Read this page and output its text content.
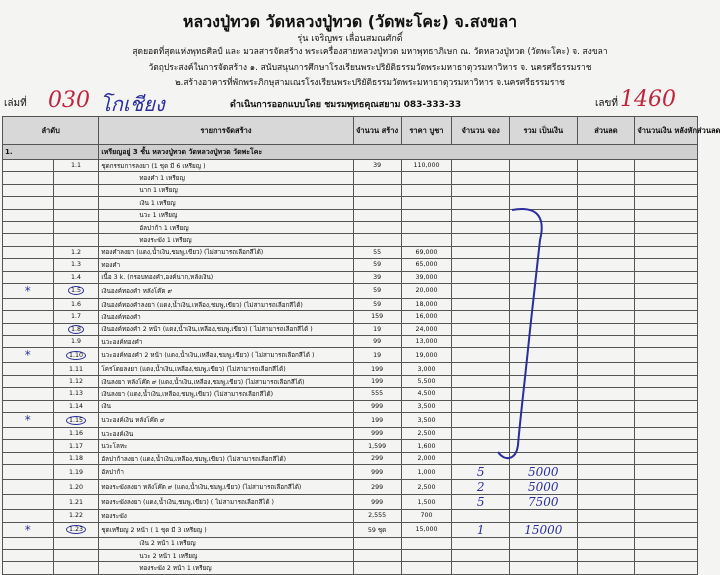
หลวงปู่ทวด วัดหลวงปู่ทวด (วัดพะโคะ) จ.สงขลา
รุ่น เจริญพร เลื่อนสมณศักดิ์
สุดยอดที่สุดแห่งพุทธศิลป์ และ มวลสารจัดสร้าง พระเครื่องสายหลวงปู่ทวด มหาพุทธาภิเษก ณ. วัดหลวงปู่ทวด (วัดพะโคะ) จ. สงขลา
วัตถุประสงค์ในการจัดสร้าง ๑. สนับสนุนการศึกษาโรงเรียนพระปริยัติธรรมวัดพระมหาธาตุวรมหาวิหาร จ. นครศรีธรรมราช
๒.สร้างอาคารที่พักพระภิกษุสามเณรโรงเรียนพระปริยัติธรรมวัดพระมหาธาตุวรมหาวิหาร จ.นครศรีธรรมราช
เล่มที่ 030 โกเชียง	ดำเนินการออกแบบโดย ชมรมพุทธคุณสยาม 083-333-33	เลขที่ 1460
ลำดับ		รายการจัดสร้าง	จำนวน สร้าง	ราคา บูชา	จำนวน จอง	รวม เป็นเงิน	ส่วนลด	จำนวนเงิน หลังหักส่วนลด
1.		เหรียญอยู่ 3 ชั้น หลวงปู่ทวด วัดหลวงปู่ทวด วัดพะโคะ						
	1.1	ชุดกรรมการลงยา (1 ชุด มี 6 เหรียญ )	39	110,000				
		ทองคำ 1 เหรียญ						
		นาก 1 เหรียญ						
		เงิน 1 เหรียญ						
		นวะ 1 เหรียญ						
		อัลปาก้า 1 เหรียญ						
		ทองระฆัง 1 เหรียญ						
	1.2	ทองคำลงยา (แดง,น้ำเงิน,ชมพู,เขียว) (ไม่สามารถเลือกสีได้)	55	69,000				
	1.3	ทองคำ	59	65,000				
	1.4	เนื้อ 3 k. (กรอบทองคำ,องค์นาก,หลังเงิน)	39	39,000				
*	1.5	เงินองค์ทองคำ หลังโค๊ต ๙	59	20,000				
	1.6	เงินองค์ทองคำลงยา (แดง,น้ำเงิน,เหลือง,ชมพู,เขียว) (ไม่สามารถเลือกสีได้)	59	18,000				
	1.7	เงินองค์ทองคำ	159	16,000				
	1.8	เงินองค์ทองคำ 2 หน้า (แดง,น้ำเงิน,เหลือง,ชมพู,เขียว) ( ไม่สามารถเลือกสีได้ )	19	24,000				
	1.9	นวะองค์ทองคำ	99	13,000				
*	1.10	นวะองค์ทองคำ 2 หน้า (แดง,น้ำเงิน,เหลือง,ชมพู,เขียว) ( ไม่สามารถเลือกสีได้ )	19	19,000				
	1.11	โครโดยลงยา (แดง,น้ำเงิน,เหลือง,ชมพู,เขียว) (ไม่สามารถเลือกสีได้)	199	3,000				
	1.12	เงินลงยา หลังโค๊ต ๙ (แดง,น้ำเงิน,เหลือง,ชมพู,เขียว) (ไม่สามารถเลือกสีได้)	199	5,500				
	1.13	เงินลงยา (แดง,น้ำเงิน,เหลือง,ชมพู,เขียว) (ไม่สามารถเลือกสีได้)	555	4,500				
	1.14	เงิน	999	3,500				
*	1.15	นวะองค์เงิน หลังโค๊ต ๙	199	3,500				
	1.16	นวะองค์เงิน	999	2,500				
	1.17	นวะโลหะ	1,599	1,600				
	1.18	อัลปาก้าลงยา (แดง,น้ำเงิน,เหลือง,ชมพู,เขียว) (ไม่สามารถเลือกสีได้)	299	2,000				
	1.19	อัลปาก้า	999	1,000	5	5000		
	1.20	ทองระฆังลงยา หลังโค๊ต ๙ (แดง,น้ำเงิน,ชมพู,เขียว) (ไม่สามารถเลือกสีได้)	299	2,500	2	5000		
	1.21	ทองระฆังลงยา (แดง,น้ำเงิน,ชมพู,เขียว) ( ไม่สามารถเลือกสีได้ )	999	1,500	5	7500		
	1.22	ทองระฆัง	2,555	700				
*	1.23	ชุดเหรียญ 2 หน้า ( 1 ชุด มี 3 เหรียญ )	59 ชุด	15,000	1	15000		
		เงิน 2 หน้า 1 เหรียญ						
		นวะ 2 หน้า 1 เหรียญ						
		ทองระฆัง 2 หน้า 1 เหรียญ						
